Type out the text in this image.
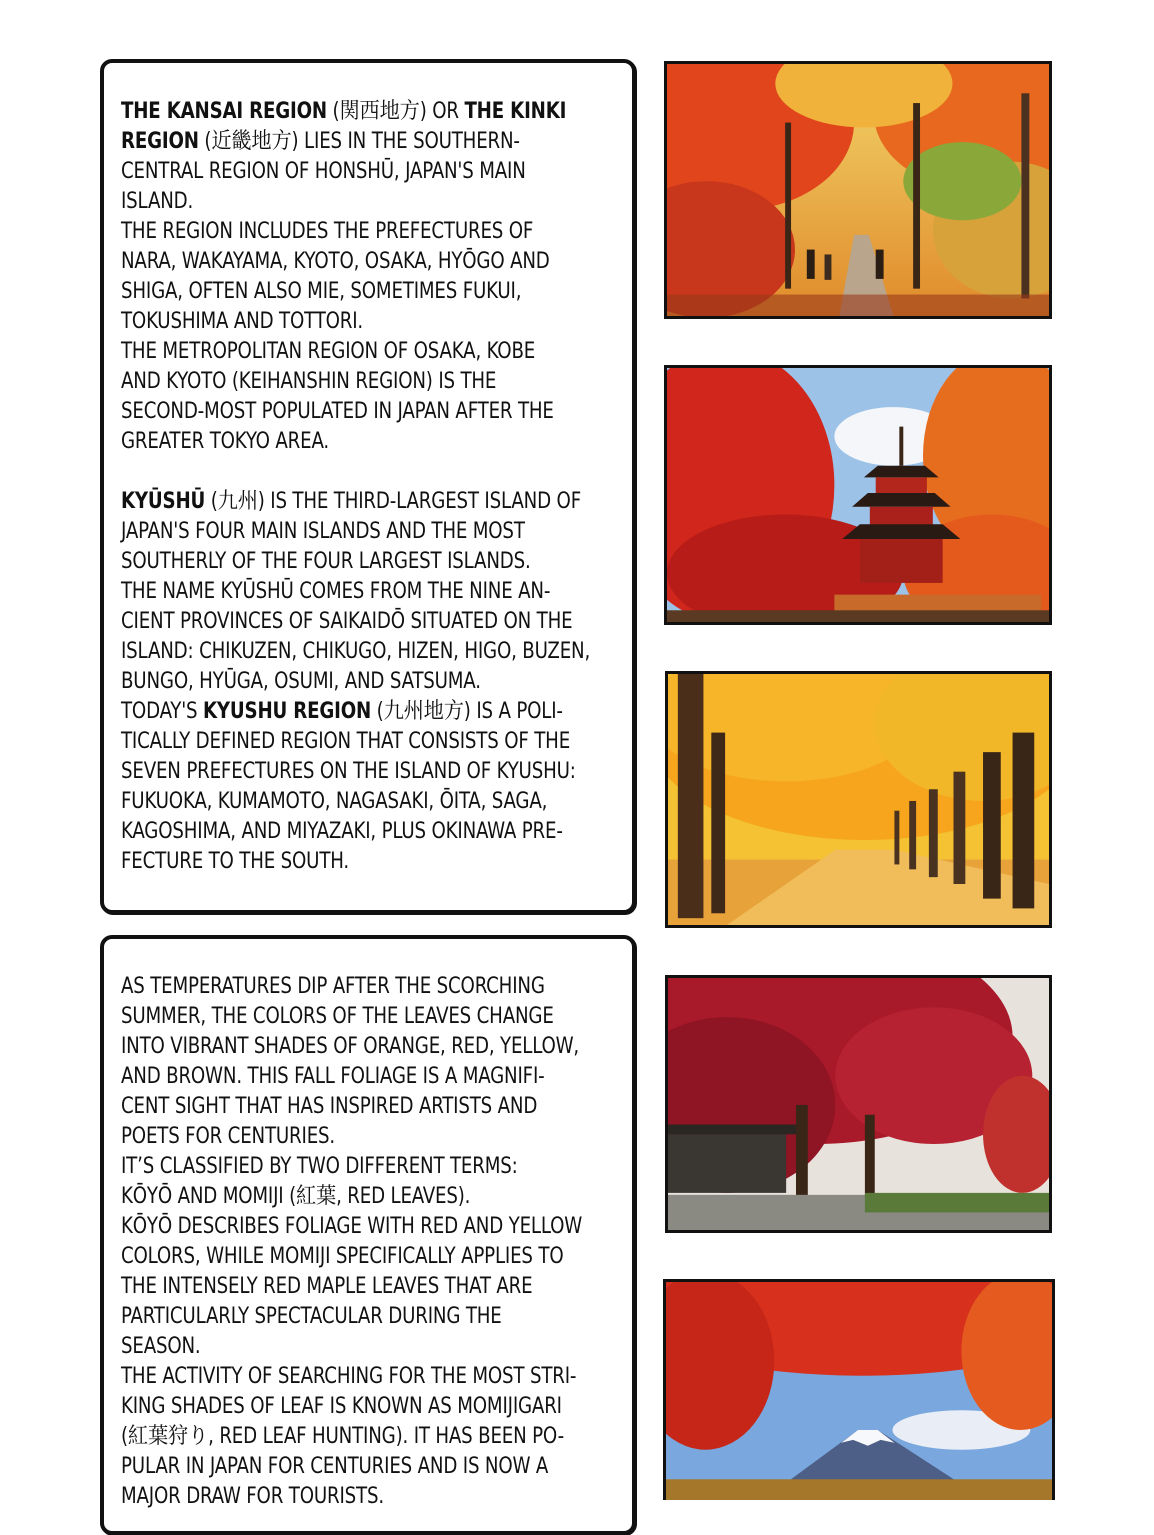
THE KANSAI REGION (関西地方) OR THE KINKI
REGION (近畿地方) LIES IN THE SOUTHERN-
CENTRAL REGION OF HONSHŪ, JAPAN'S MAIN
ISLAND.
THE REGION INCLUDES THE PREFECTURES OF
NARA, WAKAYAMA, KYOTO, OSAKA, HYŌGO AND
SHIGA, OFTEN ALSO MIE, SOMETIMES FUKUI,
TOKUSHIMA AND TOTTORI.
THE METROPOLITAN REGION OF OSAKA, KOBE
AND KYOTO (KEIHANSHIN REGION) IS THE
SECOND-MOST POPULATED IN JAPAN AFTER THE
GREATER TOKYO AREA.
KYŪSHŪ (九州) IS THE THIRD-LARGEST ISLAND OF
JAPAN'S FOUR MAIN ISLANDS AND THE MOST
SOUTHERLY OF THE FOUR LARGEST ISLANDS.
THE NAME KYŪSHŪ COMES FROM THE NINE AN-
CIENT PROVINCES OF SAIKAIDŌ SITUATED ON THE
ISLAND: CHIKUZEN, CHIKUGO, HIZEN, HIGO, BUZEN,
BUNGO, HYŪGA, OSUMI, AND SATSUMA.
TODAY'S KYUSHU REGION (九州地方) IS A POLI-
TICALLY DEFINED REGION THAT CONSISTS OF THE
SEVEN PREFECTURES ON THE ISLAND OF KYUSHU:
FUKUOKA, KUMAMOTO, NAGASAKI, ŌITA, SAGA,
KAGOSHIMA, AND MIYAZAKI, PLUS OKINAWA PRE-
FECTURE TO THE SOUTH.
AS TEMPERATURES DIP AFTER THE SCORCHING
SUMMER, THE COLORS OF THE LEAVES CHANGE
INTO VIBRANT SHADES OF ORANGE, RED, YELLOW,
AND BROWN. THIS FALL FOLIAGE IS A MAGNIFI-
CENT SIGHT THAT HAS INSPIRED ARTISTS AND
POETS FOR CENTURIES.
IT’S CLASSIFIED BY TWO DIFFERENT TERMS:
KŌYŌ AND MOMIJI (紅葉, RED LEAVES).
KŌYŌ DESCRIBES FOLIAGE WITH RED AND YELLOW
COLORS, WHILE MOMIJI SPECIFICALLY APPLIES TO
THE INTENSELY RED MAPLE LEAVES THAT ARE
PARTICULARLY SPECTACULAR DURING THE
SEASON.
THE ACTIVITY OF SEARCHING FOR THE MOST STRI-
KING SHADES OF LEAF IS KNOWN AS MOMIJIGARI
(紅葉狩り, RED LEAF HUNTING). IT HAS BEEN PO-
PULAR IN JAPAN FOR CENTURIES AND IS NOW A
MAJOR DRAW FOR TOURISTS.
